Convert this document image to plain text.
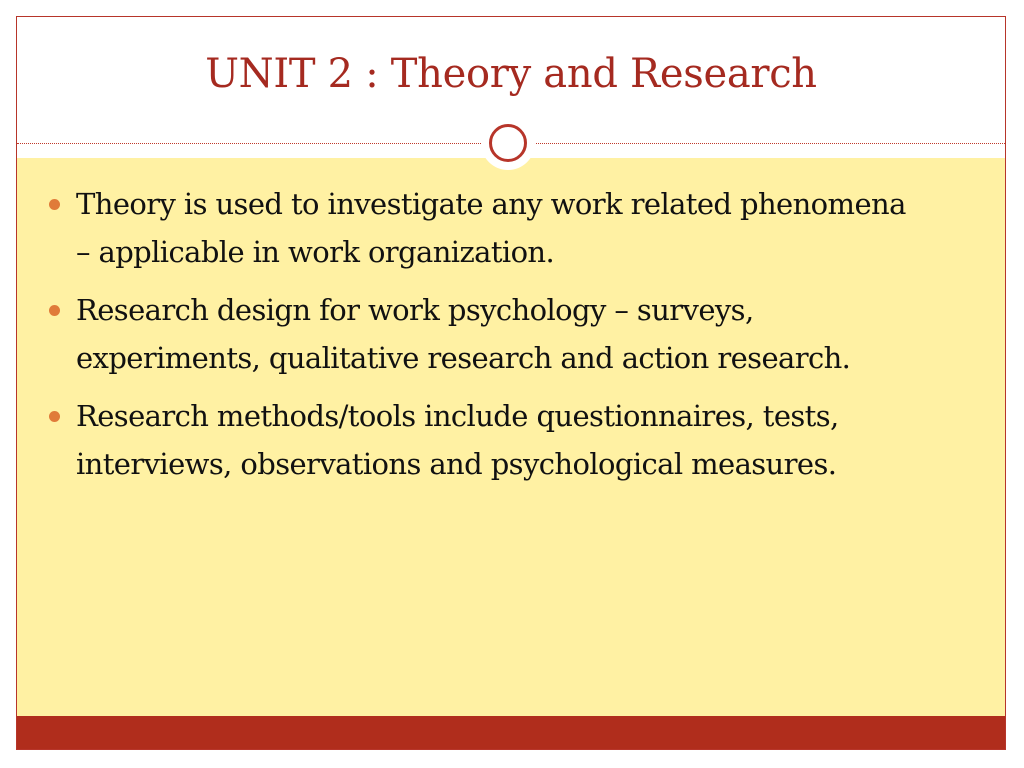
UNIT 2 : Theory and Research
Theory is used to investigate any work related phenomena – applicable in work organization.
Research design for work psychology – surveys, experiments, qualitative research and action research.
Research methods/tools include questionnaires, tests, interviews, observations and psychological measures.
